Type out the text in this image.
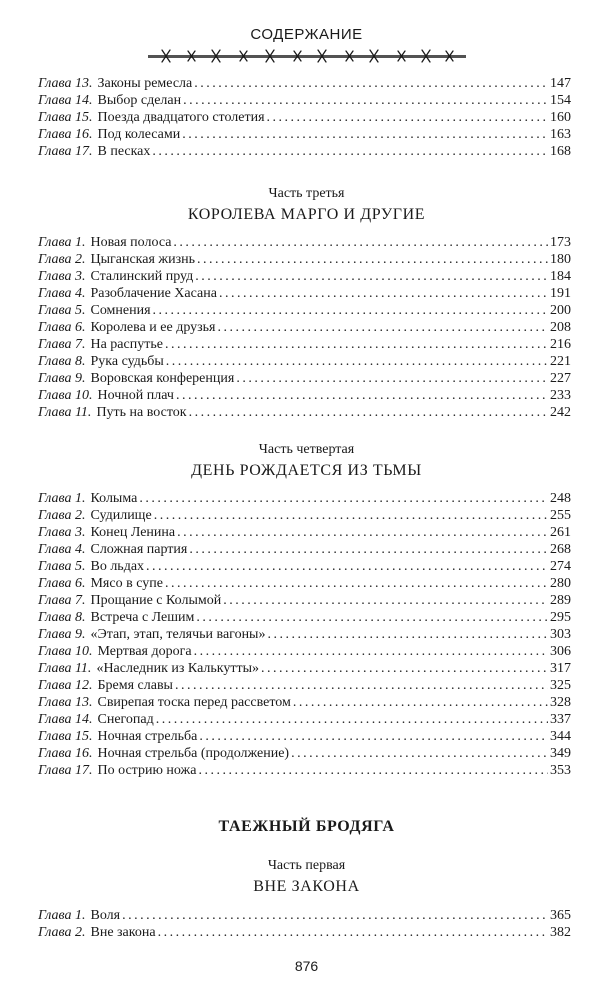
СОДЕРЖАНИЕ
Глава 13. Законы ремесла . . .	147
Глава 14. Выбор сделан . . .	154
Глава 15. Поезда двадцатого столетия . . .	160
Глава 16. Под колесами . . .	163
Глава 17. В песках . . .	168
Часть третья
КОРОЛЕВА МАРГО И ДРУГИЕ
Глава 1. Новая полоса . . .	173
Глава 2. Цыганская жизнь . . .	180
Глава 3. Сталинский пруд . . .	184
Глава 4. Разоблачение Хасана . . .	191
Глава 5. Сомнения . . .	200
Глава 6. Королева и ее друзья . . .	208
Глава 7. На распутье . . .	216
Глава 8. Рука судьбы . . .	221
Глава 9. Воровская конференция . . .	227
Глава 10. Ночной плач . . .	233
Глава 11. Путь на восток . . .	242
Часть четвертая
ДЕНЬ РОЖДАЕТСЯ ИЗ ТЬМЫ
Глава 1. Колыма . . .	248
Глава 2. Судилище . . .	255
Глава 3. Конец Ленина . . .	261
Глава 4. Сложная партия . . .	268
Глава 5. Во льдах . . .	274
Глава 6. Мясо в супе . . .	280
Глава 7. Прощание с Колымой . . .	289
Глава 8. Встреча с Лешим . . .	295
Глава 9. «Этап, этап, телячьи вагоны» . . .	303
Глава 10. Мертвая дорога . . .	306
Глава 11. «Наследник из Калькутты» . . .	317
Глава 12. Бремя славы . . .	325
Глава 13. Свирепая тоска перед рассветом . . .	328
Глава 14. Снегопад . . .	337
Глава 15. Ночная стрельба . . .	344
Глава 16. Ночная стрельба (продолжение) . . .	349
Глава 17. По острию ножа . . .	353
ТАЕЖНЫЙ БРОДЯГА
Часть первая
ВНЕ ЗАКОНА
Глава 1. Воля . . .	365
Глава 2. Вне закона . . .	382
876
